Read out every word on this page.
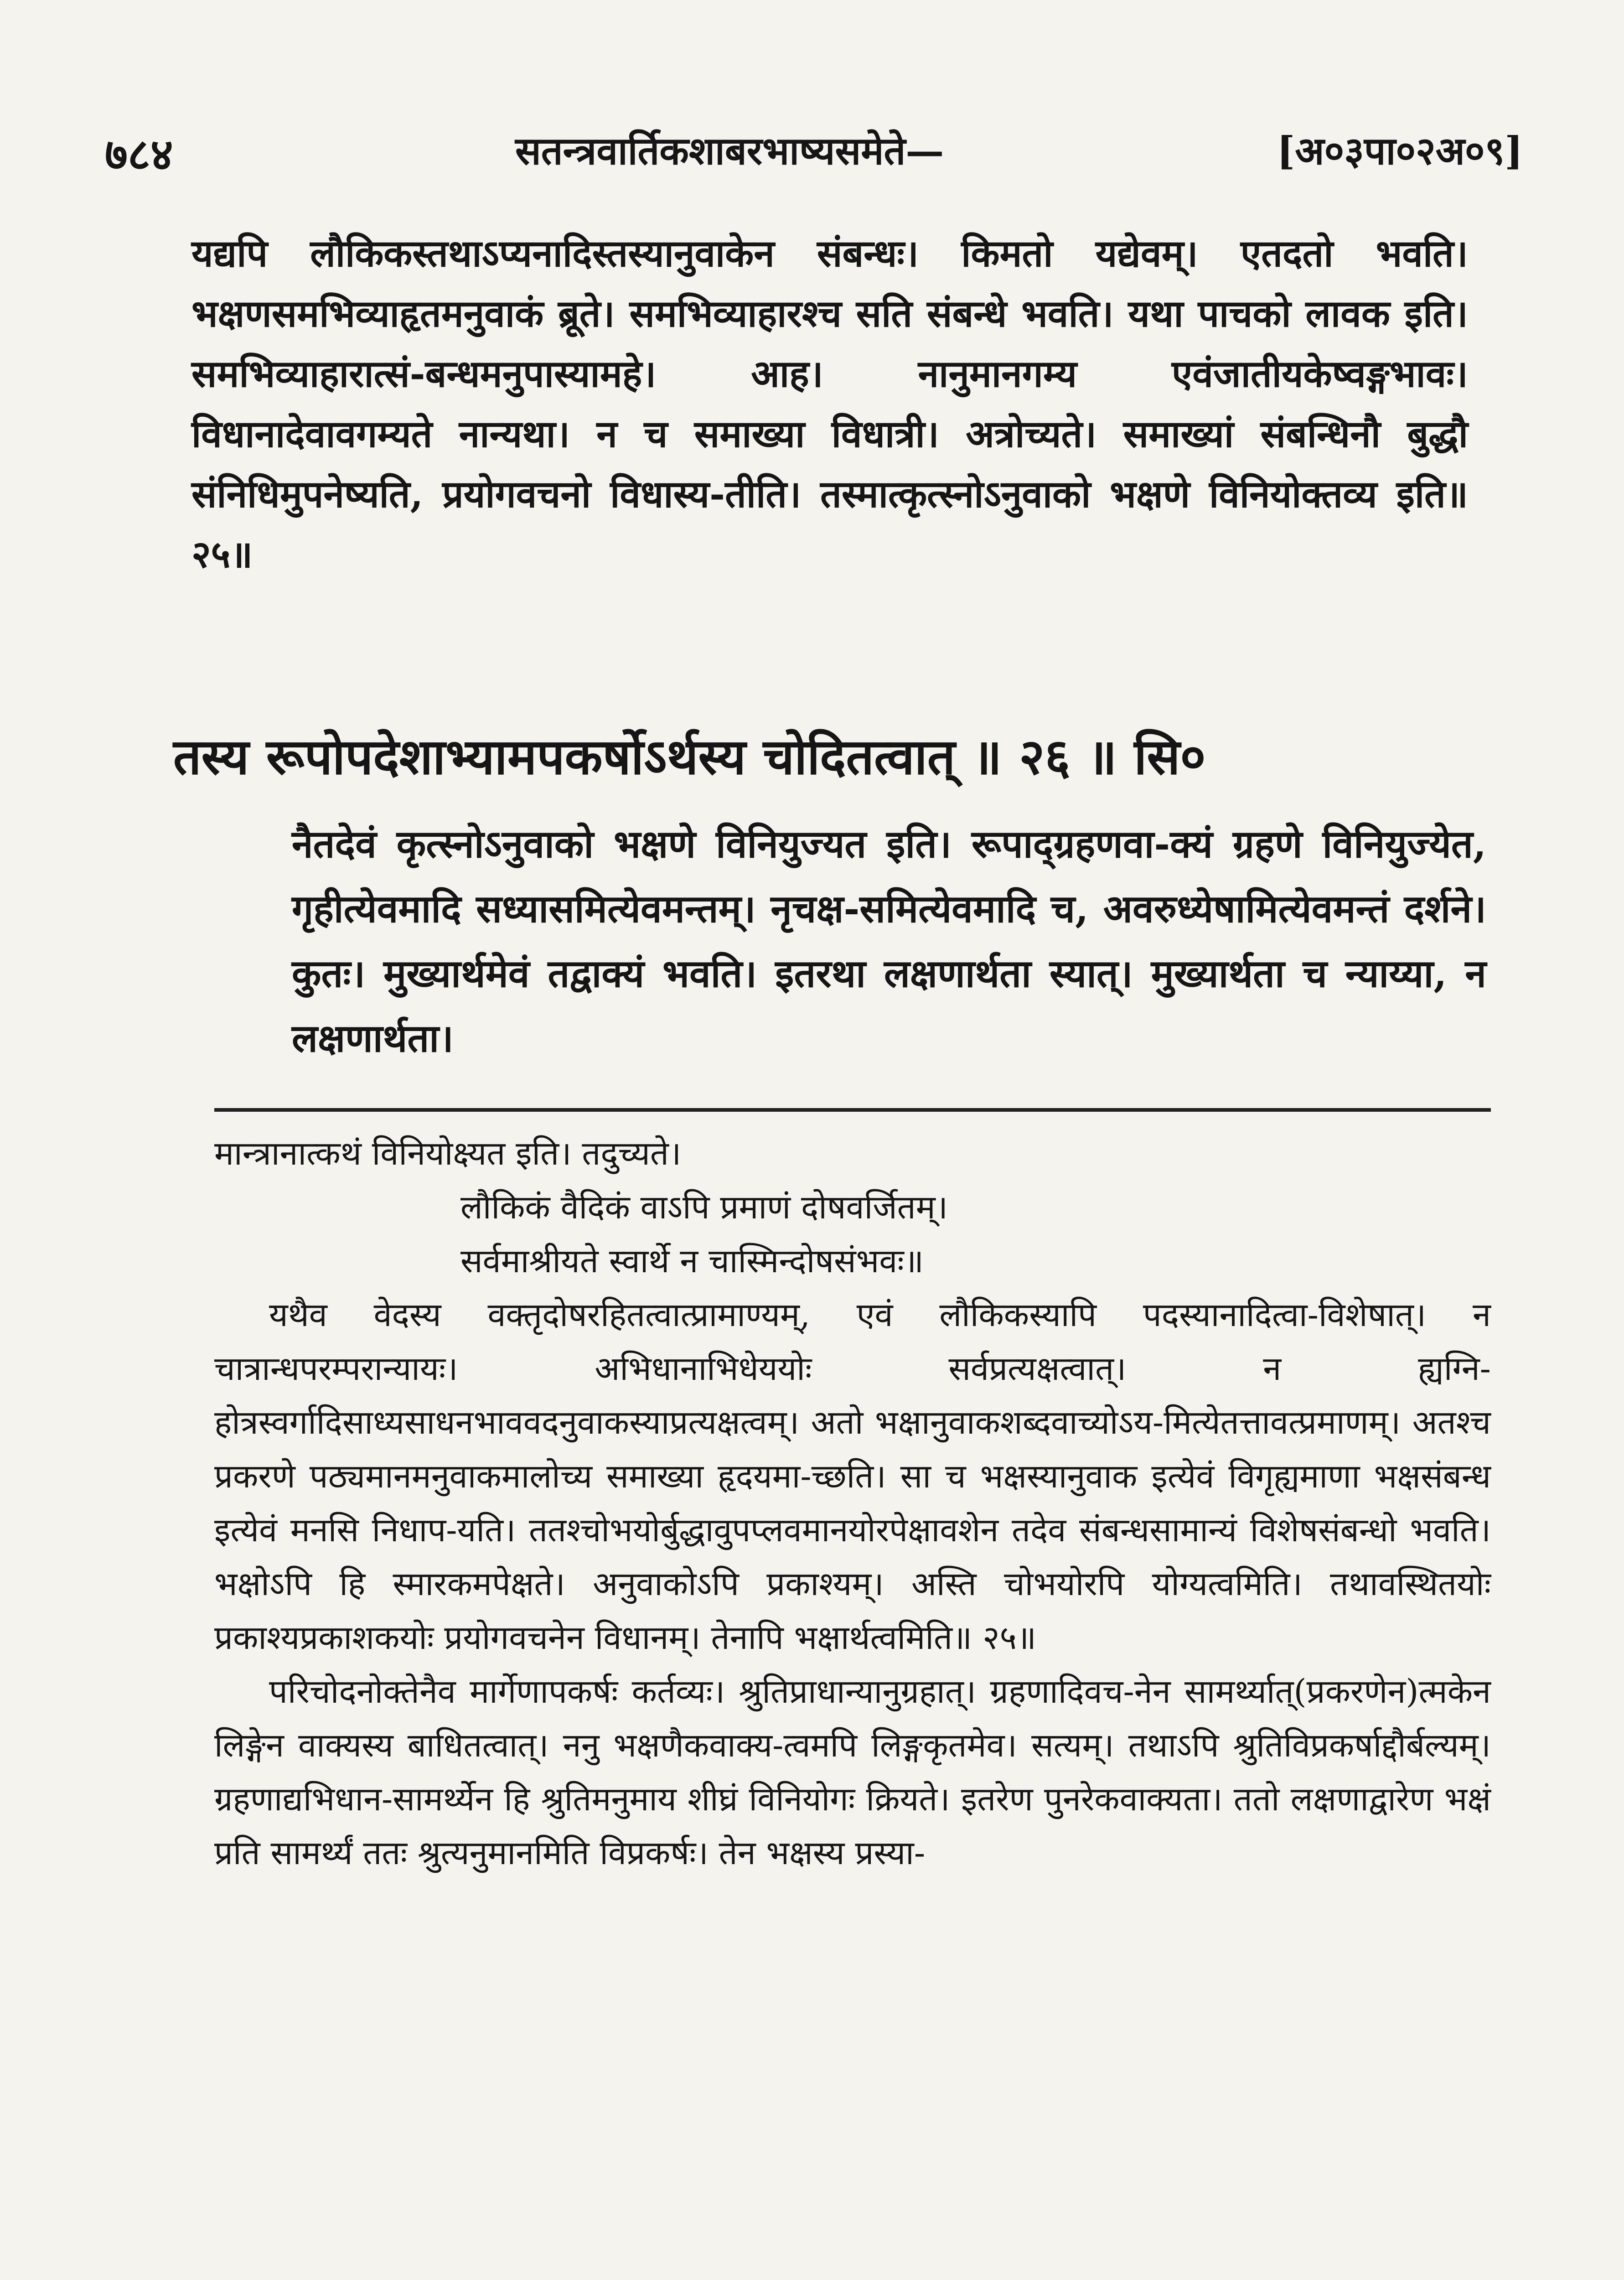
७८४	सतन्त्रवार्तिकशाबरभाष्यसमेते—	[अ०३पा०२अ०९]
यद्यपि लौकिकस्तथाऽप्यनादिस्तस्यानुवाकेन संबन्धः। किमतो यद्येवम्। एतदतो भवति। भक्षणसमभिव्याहृतमनुवाकं ब्रूते। समभिव्याहारश्च सति संबन्धे भवति। यथा पाचको लावक इति। समभिव्याहारात्सं-बन्धमनुपास्यामहे। आह। नानुमानगम्य एवंजातीयकेष्वङ्गभावः। विधानादेवावगम्यते नान्यथा। न च समाख्या विधात्री। अत्रोच्यते। समाख्यां संबन्धिनौ बुद्धौ संनिधिमुपनेष्यति, प्रयोगवचनो विधास्य-तीति। तस्मात्कृत्स्नोऽनुवाको भक्षणे विनियोक्तव्य इति॥ २५॥
तस्य रूपोपदेशाभ्यामपकर्षोऽर्थस्य चोदितत्वात् ॥ २६ ॥ सि०
नैतदेवं कृत्स्नोऽनुवाको भक्षणे विनियुज्यत इति। रूपाद्ग्रहणवा-क्यं ग्रहणे विनियुज्येत, गृहीत्येवमादि सध्यासमित्येवमन्तम्। नृचक्ष-समित्येवमादि च, अवरुध्येषामित्येवमन्तं दर्शने। कुतः। मुख्यार्थमेवं तद्वाक्यं भवति। इतरथा लक्षणार्थता स्यात्। मुख्यार्थता च न्याय्या, न लक्षणार्थता।

मान्त्रानात्कथं विनियोक्ष्यत इति। तदुच्यते।

लौकिकं वैदिकं वाऽपि प्रमाणं दोषवर्जितम्।

सर्वमाश्रीयते स्वार्थे न चास्मिन्दोषसंभवः॥

यथैव वेदस्य वक्तृदोषरहितत्वात्प्रामाण्यम्, एवं लौकिकस्यापि पदस्यानादित्वा-विशेषात्। न चात्रान्धपरम्परान्यायः। अभिधानाभिधेययोः सर्वप्रत्यक्षत्वात्। न ह्यग्नि-होत्रस्वर्गादिसाध्यसाधनभाववदनुवाकस्याप्रत्यक्षत्वम्। अतो भक्षानुवाकशब्दवाच्योऽय-मित्येतत्तावत्प्रमाणम्। अतश्च प्रकरणे पठ्यमानमनुवाकमालोच्य समाख्या हृदयमा-च्छति। सा च भक्षस्यानुवाक इत्येवं विगृह्यमाणा भक्षसंबन्ध इत्येवं मनसि निधाप-यति। ततश्चोभयोर्बुद्धावुपप्लवमानयोरपेक्षावशेन तदेव संबन्धसामान्यं विशेषसंबन्धो भवति। भक्षोऽपि हि स्मारकमपेक्षते। अनुवाकोऽपि प्रकाश्यम्। अस्ति चोभयोरपि योग्यत्वमिति। तथावस्थितयोः प्रकाश्यप्रकाशकयोः प्रयोगवचनेन विधानम्। तेनापि भक्षार्थत्वमिति॥ २५॥

परिचोदनोक्तेनैव मार्गेणापकर्षः कर्तव्यः। श्रुतिप्राधान्यानुग्रहात्। ग्रहणादिवच-नेन सामर्थ्यात्(प्रकरणेन)त्मकेन लिङ्गेन वाक्यस्य बाधितत्वात्। ननु भक्षणैकवाक्य-त्वमपि लिङ्गकृतमेव। सत्यम्। तथाऽपि श्रुतिविप्रकर्षाद्दौर्बल्यम्। ग्रहणाद्यभिधान-सामर्थ्येन हि श्रुतिमनुमाय शीघ्रं विनियोगः क्रियते। इतरेण पुनरेकवाक्यता। ततो लक्षणाद्वारेण भक्षं प्रति सामर्थ्यं ततः श्रुत्यनुमानमिति विप्रकर्षः। तेन भक्षस्य प्रस्या-
